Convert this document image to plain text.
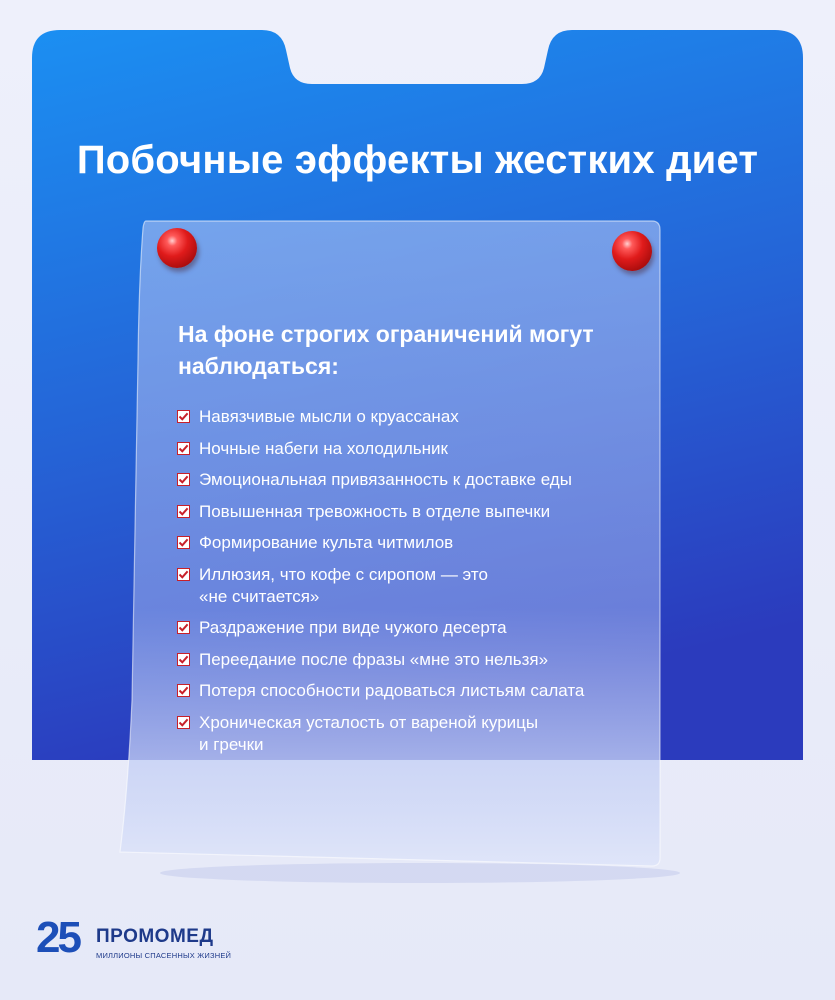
Побочные эффекты жестких диет
На фоне строгих ограничений могут
наблюдаться:
Навязчивые мысли о круассанах
Ночные набеги на холодильник
Эмоциональная привязанность к доставке еды
Повышенная тревожность в отделе выпечки
Формирование культа читмилов
Иллюзия, что кофе с сиропом — это
«не считается»
Раздражение при виде чужого десерта
Переедание после фразы «мне это нельзя»
Потеря способности радоваться листьям салата
Хроническая усталость от вареной курицы
и гречки
25 ПРОМОМЕД
МИЛЛИОНЫ СПАСЕННЫХ ЖИЗНЕЙ
